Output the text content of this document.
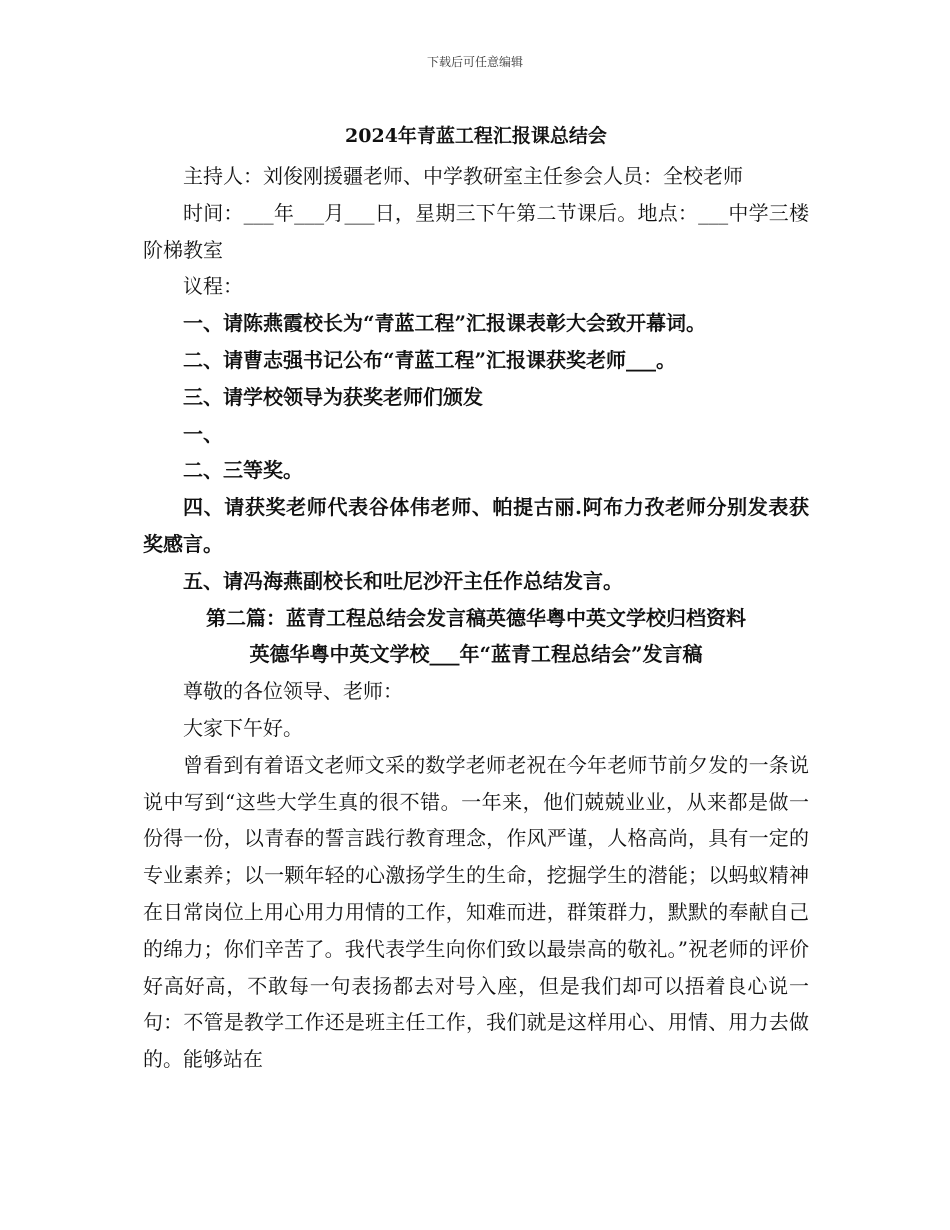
下载后可任意编辑
2024年青蓝工程汇报课总结会

主持人：刘俊刚援疆老师、中学教研室主任参会人员：全校老师

时间：___年___月___日，星期三下午第二节课后。地点：___中学三楼阶梯教室

议程：

一、请陈燕霞校长为“青蓝工程”汇报课表彰大会致开幕词。

二、请曹志强书记公布“青蓝工程”汇报课获奖老师___。

三、请学校领导为获奖老师们颁发

一、

二、三等奖。

四、请获奖老师代表谷体伟老师、帕提古丽.阿布力孜老师分别发表获奖感言。

五、请冯海燕副校长和吐尼沙汗主任作总结发言。

第二篇：蓝青工程总结会发言稿英德华粤中英文学校归档资料

英德华粤中英文学校___年“蓝青工程总结会”发言稿

尊敬的各位领导、老师：

大家下午好。

曾看到有着语文老师文采的数学老师老祝在今年老师节前夕发的一条说说中写到“这些大学生真的很不错。一年来，他们兢兢业业，从来都是做一份得一份，以青春的誓言践行教育理念，作风严谨，人格高尚，具有一定的专业素养；以一颗年轻的心激扬学生的生命，挖掘学生的潜能；以蚂蚁精神在日常岗位上用心用力用情的工作，知难而进，群策群力，默默的奉献自己的绵力；你们辛苦了。我代表学生向你们致以最崇高的敬礼。”祝老师的评价好高好高，不敢每一句表扬都去对号入座，但是我们却可以捂着良心说一句：不管是教学工作还是班主任工作，我们就是这样用心、用情、用力去做的。能够站在
